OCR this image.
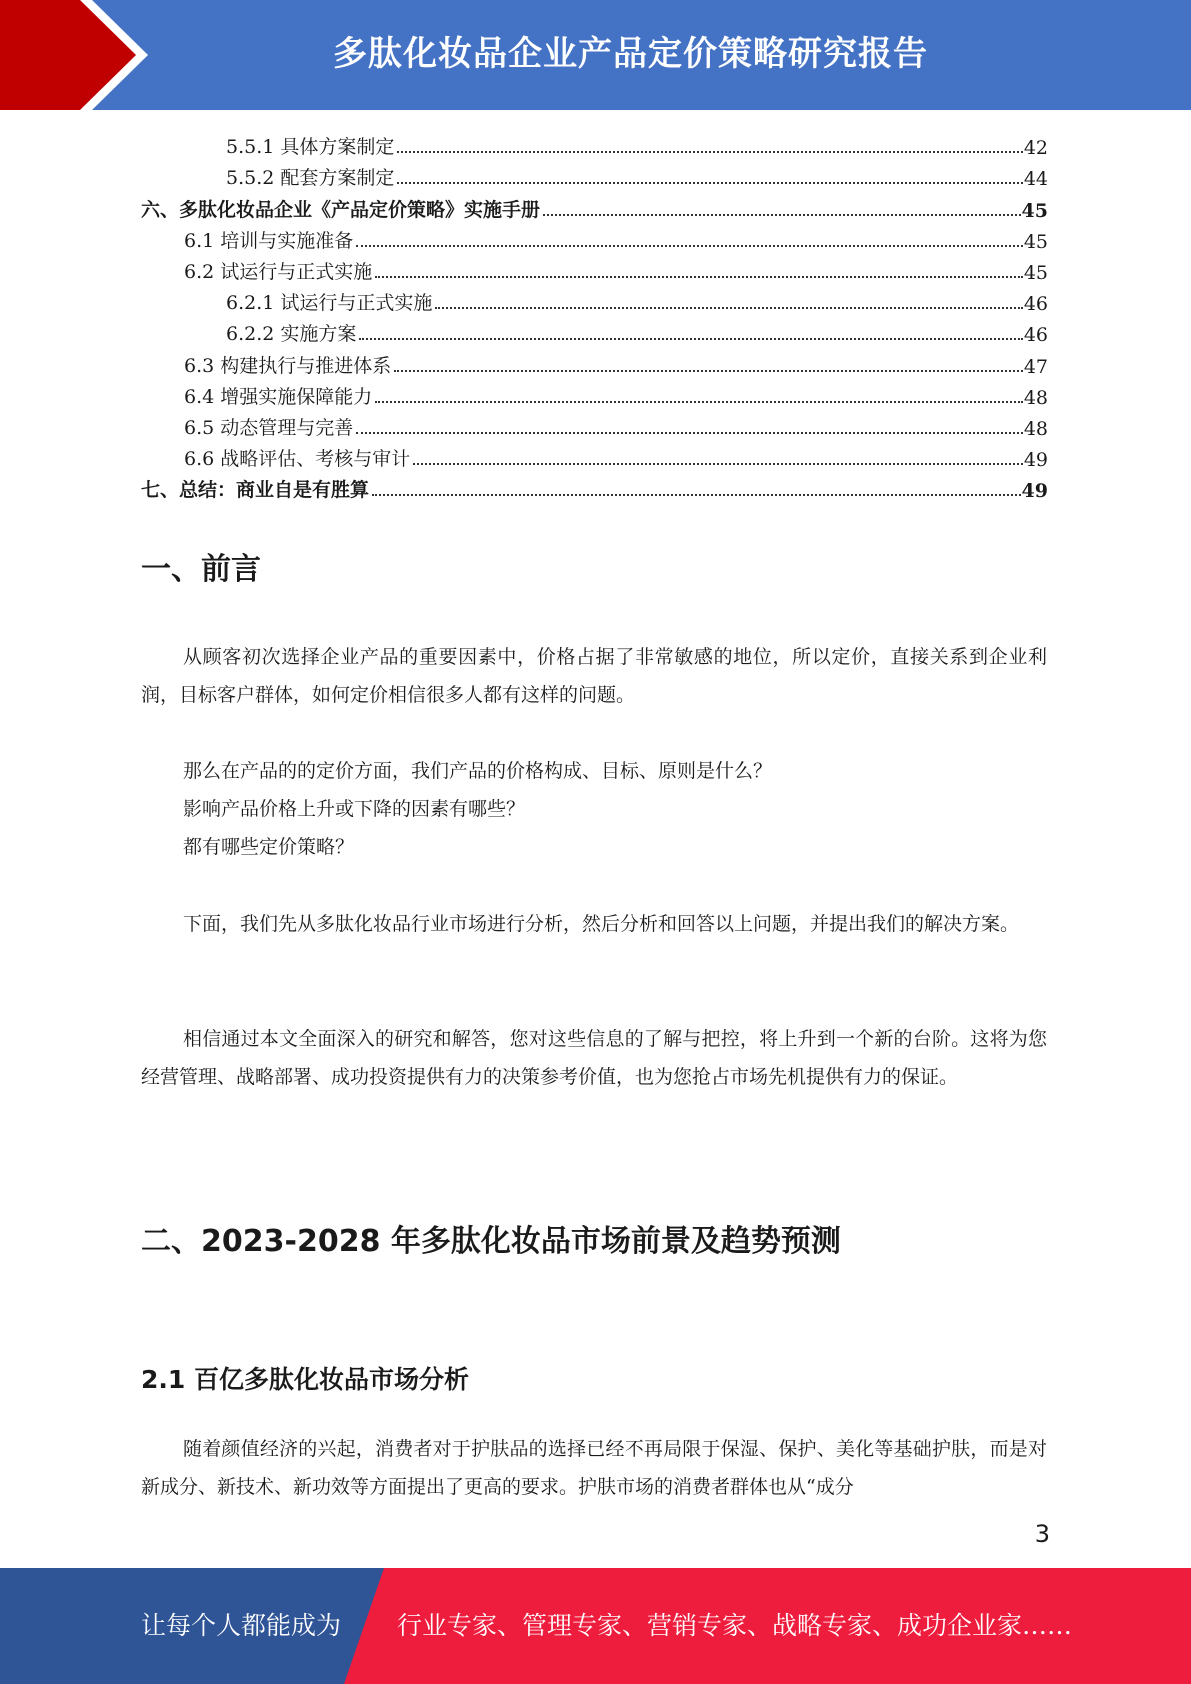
多肽化妆品企业产品定价策略研究报告
5.5.1 具体方案制定	42
5.5.2 配套方案制定	44
六、多肽化妆品企业《产品定价策略》实施手册	45
6.1 培训与实施准备	45
6.2 试运行与正式实施	45
6.2.1 试运行与正式实施	46
6.2.2 实施方案	46
6.3 构建执行与推进体系	47
6.4 增强实施保障能力	48
6.5 动态管理与完善	48
6.6 战略评估、考核与审计	49
七、总结：商业自是有胜算	49
一、前言

从顾客初次选择企业产品的重要因素中，价格占据了非常敏感的地位，所以定价，直接关系到企业利润，目标客户群体，如何定价相信很多人都有这样的问题。

那么在产品的的定价方面，我们产品的价格构成、目标、原则是什么？

影响产品价格上升或下降的因素有哪些？

都有哪些定价策略？

下面，我们先从多肽化妆品行业市场进行分析，然后分析和回答以上问题，并提出我们的解决方案。

相信通过本文全面深入的研究和解答，您对这些信息的了解与把控，将上升到一个新的台阶。这将为您经营管理、战略部署、成功投资提供有力的决策参考价值，也为您抢占市场先机提供有力的保证。

二、2023-2028 年多肽化妆品市场前景及趋势预测
2.1 百亿多肽化妆品市场分析

随着颜值经济的兴起，消费者对于护肤品的选择已经不再局限于保湿、保护、美化等基础护肤，而是对新成分、新技术、新功效等方面提出了更高的要求。护肤市场的消费者群体也从“成分

3
让每个人都能成为 行业专家、管理专家、营销专家、战略专家、成功企业家……
